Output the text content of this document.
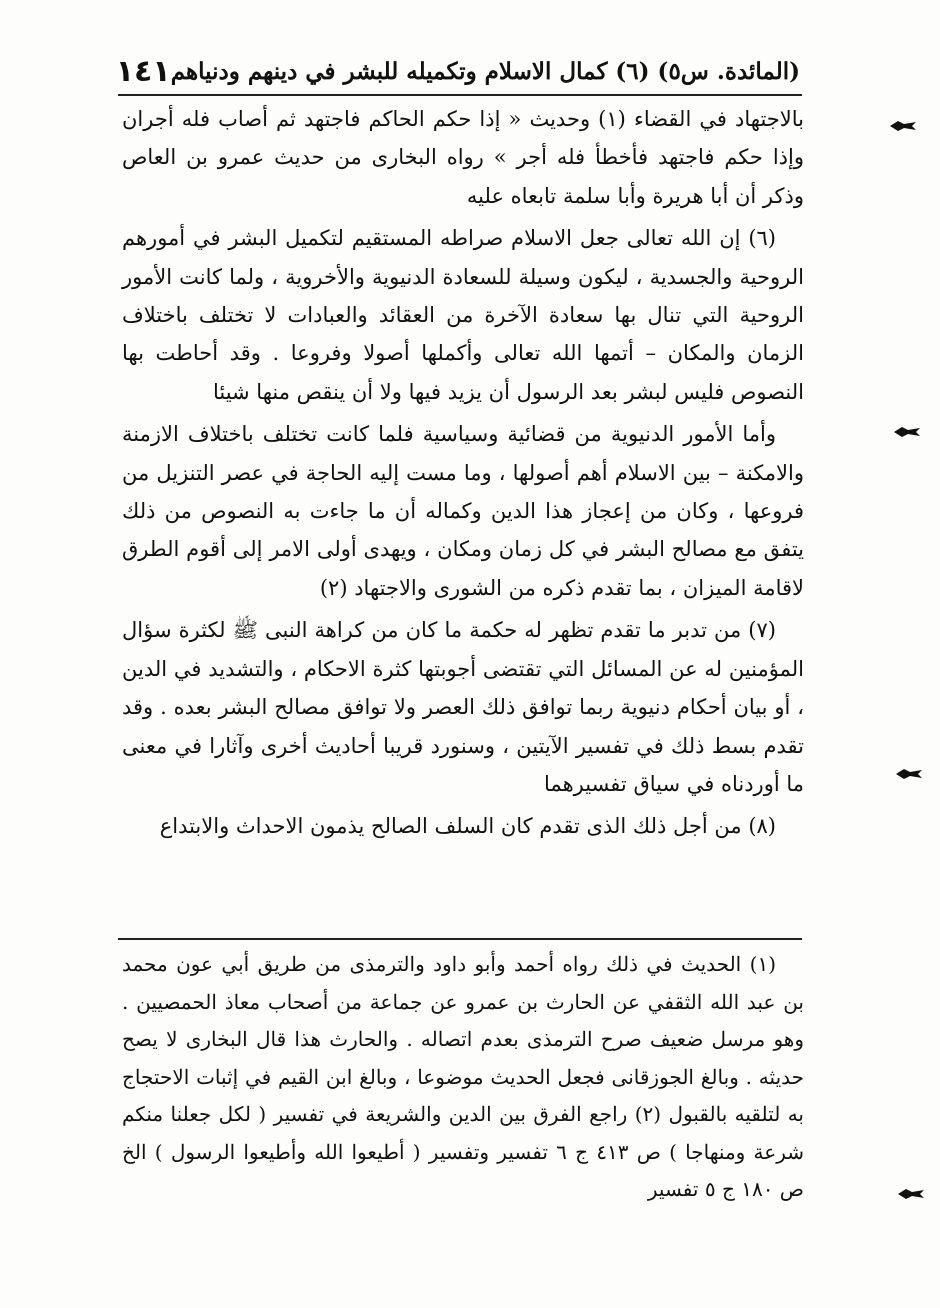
(المائدة. س٥) (٦) كمال الاسلام وتكميله للبشر في دينهم ودنياهم
١٤١

بالاجتهاد في القضاء (١) وحديث « إذا حكم الحاكم فاجتهد ثم أصاب فله أجران وإذا حكم فاجتهد فأخطأ فله أجر » رواه البخارى من حديث عمرو بن العاص وذكر أن أبا هريرة وأبا سلمة تابعاه عليه

(٦) إن الله تعالى جعل الاسلام صراطه المستقيم لتكميل البشر في أمورهم الروحية والجسدية ، ليكون وسيلة للسعادة الدنيوية والأخروية ، ولما كانت الأمور الروحية التي تنال بها سعادة الآخرة من العقائد والعبادات لا تختلف باختلاف الزمان والمكان – أتمها الله تعالى وأكملها أصولا وفروعا . وقد أحاطت بها النصوص فليس لبشر بعد الرسول أن يزيد فيها ولا أن ينقص منها شيئا

وأما الأمور الدنيوية من قضائية وسياسية فلما كانت تختلف باختلاف الازمنة والامكنة – بين الاسلام أهم أصولها ، وما مست إليه الحاجة في عصر التنزيل من فروعها ، وكان من إعجاز هذا الدين وكماله أن ما جاءت به النصوص من ذلك يتفق مع مصالح البشر في كل زمان ومكان ، ويهدى أولى الامر إلى أقوم الطرق لاقامة الميزان ، بما تقدم ذكره من الشورى والاجتهاد (٢)

(٧) من تدبر ما تقدم تظهر له حكمة ما كان من كراهة النبى ﷺ لكثرة سؤال المؤمنين له عن المسائل التي تقتضى أجوبتها كثرة الاحكام ، والتشديد في الدين ، أو بيان أحكام دنيوية ربما توافق ذلك العصر ولا توافق مصالح البشر بعده . وقد تقدم بسط ذلك في تفسير الآيتين ، وسنورد قريبا أحاديث أخرى وآثارا في معنى ما أوردناه في سياق تفسيرهما

(٨) من أجل ذلك الذى تقدم كان السلف الصالح يذمون الاحداث والابتداع

(١) الحديث في ذلك رواه أحمد وأبو داود والترمذى من طريق أبي عون محمد بن عبد الله الثقفي عن الحارث بن عمرو عن جماعة من أصحاب معاذ الحمصيين . وهو مرسل ضعيف صرح الترمذى بعدم اتصاله . والحارث هذا قال البخارى لا يصح حديثه . وبالغ الجوزقانى فجعل الحديث موضوعا ، وبالغ ابن القيم في إثبات الاحتجاج به لتلقيه بالقبول (٢) راجع الفرق بين الدين والشريعة في تفسير ( لكل جعلنا منكم شرعة ومنهاجا ) ص ٤١٣ ج ٦ تفسير وتفسير ( أطيعوا الله وأطيعوا الرسول ) الخ ص ١٨٠ ج ٥ تفسير
